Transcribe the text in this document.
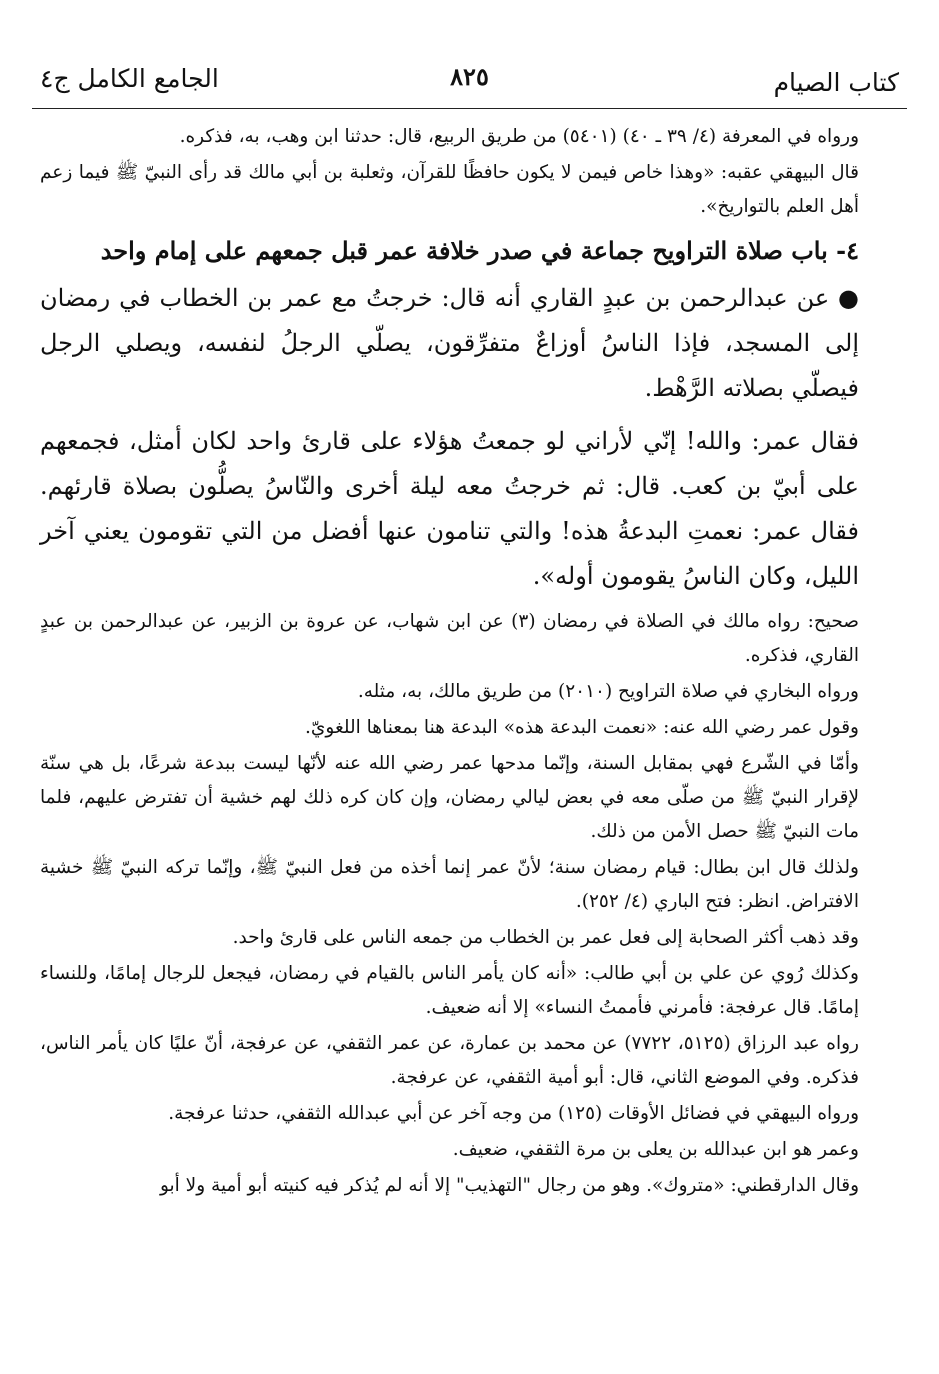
كتاب الصيام
٨٢٥
الجامع الكامل ج٤

ورواه في المعرفة (٤/ ٣٩ ـ ٤٠) (٥٤٠١) من طريق الربيع، قال: حدثنا ابن وهب، به، فذكره.

قال البيهقي عقبه: «وهذا خاص فيمن لا يكون حافظًا للقرآن، وثعلبة بن أبي مالك قد رأى النبيّ ﷺ فيما زعم أهل العلم بالتواريخ».

٤- باب صلاة التراويح جماعة في صدر خلافة عمر قبل جمعهم على إمام واحد

● عن عبدالرحمن بن عبدٍ القاري أنه قال: خرجتُ مع عمر بن الخطاب في رمضان إلى المسجد، فإذا الناسُ أوزاعٌ متفرِّقون، يصلّي الرجلُ لنفسه، ويصلي الرجل فيصلّي بصلاته الرَّهْط.

فقال عمر: والله! إنّي لأراني لو جمعتُ هؤلاء على قارئ واحد لكان أمثل، فجمعهم على أبيّ بن كعب. قال: ثم خرجتُ معه ليلة أخرى والنّاسُ يصلُّون بصلاة قارئهم. فقال عمر: نعمتِ البدعةُ هذه! والتي تنامون عنها أفضل من التي تقومون يعني آخر الليل، وكان الناسُ يقومون أوله».

صحيح: رواه مالك في الصلاة في رمضان (٣) عن ابن شهاب، عن عروة بن الزبير، عن عبدالرحمن بن عبدٍ القاري، فذكره.

ورواه البخاري في صلاة التراويح (٢٠١٠) من طريق مالك، به، مثله.

وقول عمر رضي الله عنه: «نعمت البدعة هذه» البدعة هنا بمعناها اللغويّ.

وأمّا في الشّرع فهي بمقابل السنة، وإنّما مدحها عمر رضي الله عنه لأنّها ليست ببدعة شرعًا، بل هي سنّة لإقرار النبيّ ﷺ من صلّى معه في بعض ليالي رمضان، وإن كان كره ذلك لهم خشية أن تفترض عليهم، فلما مات النبيّ ﷺ حصل الأمن من ذلك.

ولذلك قال ابن بطال: قيام رمضان سنة؛ لأنّ عمر إنما أخذه من فعل النبيّ ﷺ، وإنّما تركه النبيّ ﷺ خشية الافتراض. انظر: فتح الباري (٤/ ٢٥٢).

وقد ذهب أكثر الصحابة إلى فعل عمر بن الخطاب من جمعه الناس على قارئ واحد.

وكذلك رُوي عن علي بن أبي طالب: «أنه كان يأمر الناس بالقيام في رمضان، فيجعل للرجال إمامًا، وللنساء إمامًا. قال عرفجة: فأمرني فأممتُ النساء» إلا أنه ضعيف.

رواه عبد الرزاق (٥١٢٥، ٧٧٢٢) عن محمد بن عمارة، عن عمر الثقفي، عن عرفجة، أنّ عليًا كان يأمر الناس، فذكره. وفي الموضع الثاني، قال: أبو أمية الثقفي، عن عرفجة.

ورواه البيهقي في فضائل الأوقات (١٢٥) من وجه آخر عن أبي عبدالله الثقفي، حدثنا عرفجة.

وعمر هو ابن عبدالله بن يعلى بن مرة الثقفي، ضعيف.

وقال الدارقطني: «متروك». وهو من رجال "التهذيب" إلا أنه لم يُذكر فيه كنيته أبو أمية ولا أبو
